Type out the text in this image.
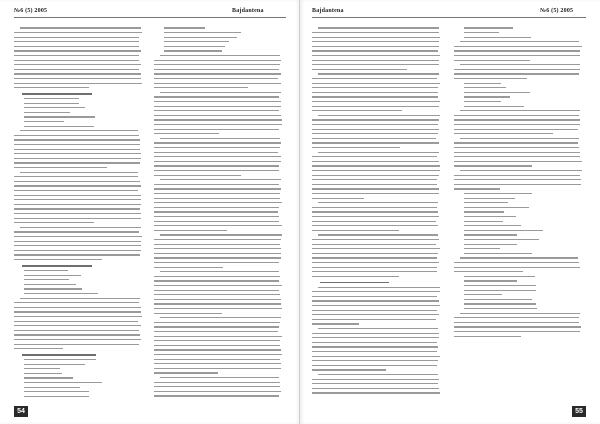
№6 (5) 2005	Bajdantena
54
Bajdantena	№6 (5) 2005
55
